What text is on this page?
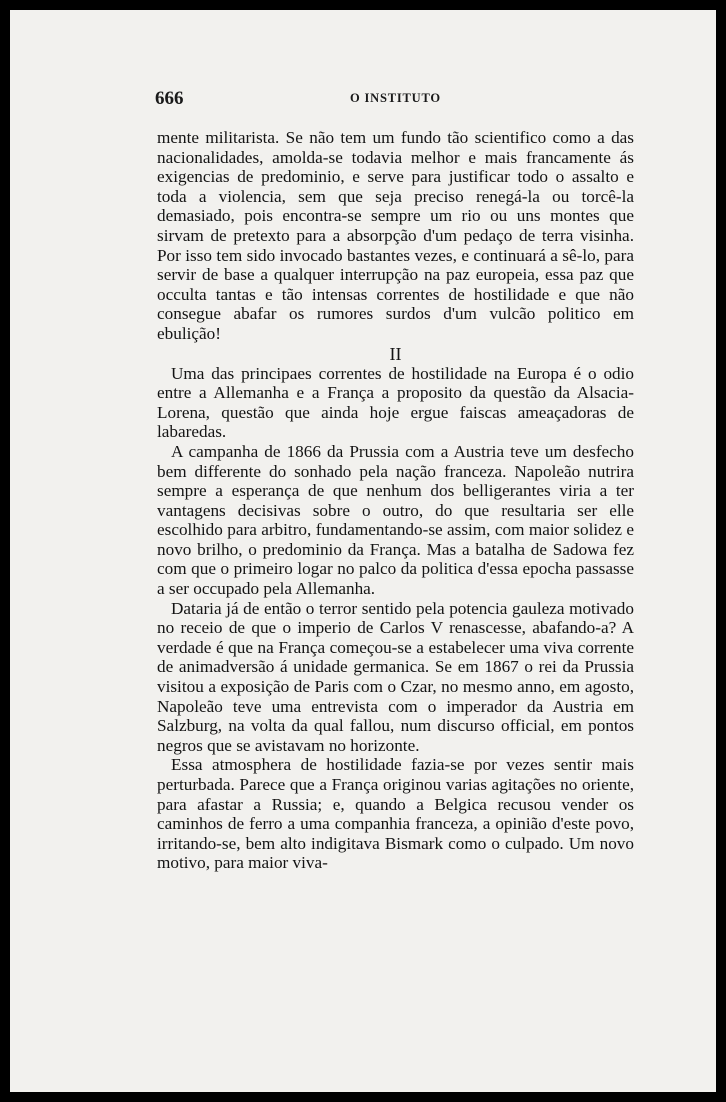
666	O INSTITUTO

mente militarista. Se não tem um fundo tão scientifico como a das nacionalidades, amolda-se todavia melhor e mais francamente ás exigencias de predominio, e serve para justificar todo o assalto e toda a violencia, sem que seja preciso renegá-la ou torcê-la demasiado, pois encontra-se sempre um rio ou uns montes que sirvam de pretexto para a absorpção d'um pedaço de terra visinha. Por isso tem sido invocado bastantes vezes, e continuará a sê-lo, para servir de base a qualquer interrupção na paz europeia, essa paz que occulta tantas e tão intensas correntes de hostilidade e que não consegue abafar os rumores surdos d'um vulcão politico em ebulição!

II

Uma das principaes correntes de hostilidade na Europa é o odio entre a Allemanha e a França a proposito da questão da Alsacia-Lorena, questão que ainda hoje ergue faiscas ameaçadoras de labaredas.

A campanha de 1866 da Prussia com a Austria teve um desfecho bem differente do sonhado pela nação franceza. Napoleão nutrira sempre a esperança de que nenhum dos belligerantes viria a ter vantagens decisivas sobre o outro, do que resultaria ser elle escolhido para arbitro, fundamentando-se assim, com maior solidez e novo brilho, o predominio da França. Mas a batalha de Sadowa fez com que o primeiro logar no palco da politica d'essa epocha passasse a ser occupado pela Allemanha.

Dataria já de então o terror sentido pela potencia gauleza motivado no receio de que o imperio de Carlos V renascesse, abafando-a? A verdade é que na França começou-se a estabelecer uma viva corrente de animadversão á unidade germanica. Se em 1867 o rei da Prussia visitou a exposição de Paris com o Czar, no mesmo anno, em agosto, Napoleão teve uma entrevista com o imperador da Austria em Salzburg, na volta da qual fallou, num discurso official, em pontos negros que se avistavam no horizonte.

Essa atmosphera de hostilidade fazia-se por vezes sentir mais perturbada. Parece que a França originou varias agitações no oriente, para afastar a Russia; e, quando a Belgica recusou vender os caminhos de ferro a uma companhia franceza, a opinião d'este povo, irritando-se, bem alto indigitava Bismark como o culpado. Um novo motivo, para maior viva-
